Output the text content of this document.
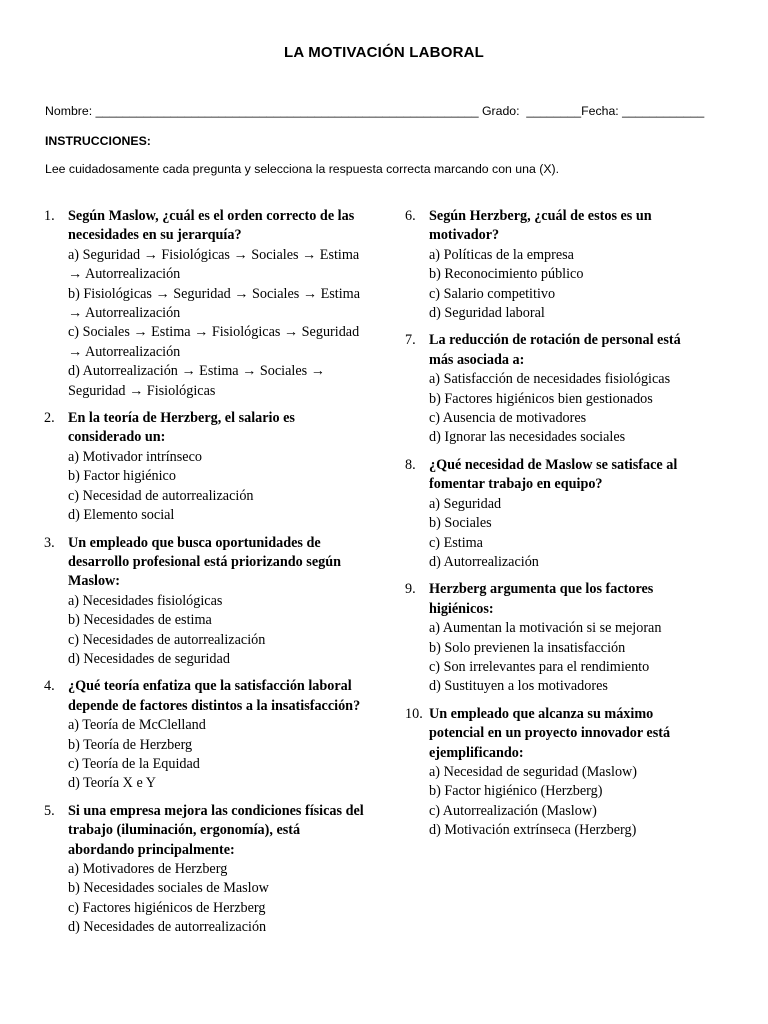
LA MOTIVACIÓN LABORAL
Nombre: ________________________________________________________ Grado:  ________Fecha: ____________
INSTRUCCIONES:
Lee cuidadosamente cada pregunta y selecciona la respuesta correcta marcando con una (X).
1. Según Maslow, ¿cuál es el orden correcto de las necesidades en su jerarquía?
a) Seguridad → Fisiológicas → Sociales → Estima → Autorrealización
b) Fisiológicas → Seguridad → Sociales → Estima → Autorrealización
c) Sociales → Estima → Fisiológicas → Seguridad → Autorrealización
d) Autorrealización → Estima → Sociales → Seguridad → Fisiológicas
2. En la teoría de Herzberg, el salario es considerado un:
a) Motivador intrínseco
b) Factor higiénico
c) Necesidad de autorrealización
d) Elemento social
3. Un empleado que busca oportunidades de desarrollo profesional está priorizando según Maslow:
a) Necesidades fisiológicas
b) Necesidades de estima
c) Necesidades de autorrealización
d) Necesidades de seguridad
4. ¿Qué teoría enfatiza que la satisfacción laboral depende de factores distintos a la insatisfacción?
a) Teoría de McClelland
b) Teoría de Herzberg
c) Teoría de la Equidad
d) Teoría X e Y
5. Si una empresa mejora las condiciones físicas del trabajo (iluminación, ergonomía), está abordando principalmente:
a) Motivadores de Herzberg
b) Necesidades sociales de Maslow
c) Factores higiénicos de Herzberg
d) Necesidades de autorrealización
6. Según Herzberg, ¿cuál de estos es un motivador?
a) Políticas de la empresa
b) Reconocimiento público
c) Salario competitivo
d) Seguridad laboral
7. La reducción de rotación de personal está más asociada a:
a) Satisfacción de necesidades fisiológicas
b) Factores higiénicos bien gestionados
c) Ausencia de motivadores
d) Ignorar las necesidades sociales
8. ¿Qué necesidad de Maslow se satisface al fomentar trabajo en equipo?
a) Seguridad
b) Sociales
c) Estima
d) Autorrealización
9. Herzberg argumenta que los factores higiénicos:
a) Aumentan la motivación si se mejoran
b) Solo previenen la insatisfacción
c) Son irrelevantes para el rendimiento
d) Sustituyen a los motivadores
10. Un empleado que alcanza su máximo potencial en un proyecto innovador está ejemplificando:
a) Necesidad de seguridad (Maslow)
b) Factor higiénico (Herzberg)
c) Autorrealización (Maslow)
d) Motivación extrínseca (Herzberg)
